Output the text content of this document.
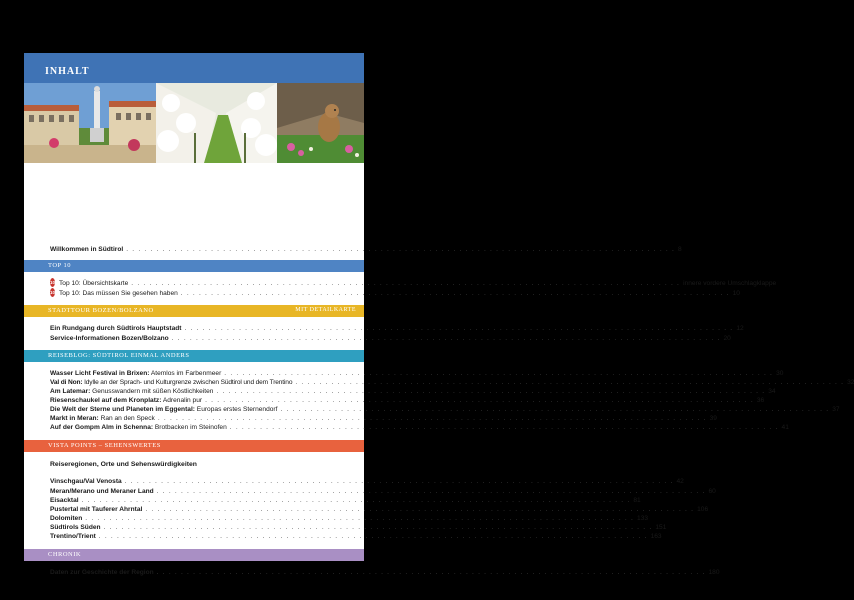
INHALT
Willkommen in Südtirol . . .	8
TOP 10
10 Top 10: Übersichtskarte . . .	innere vordere Umschlagklappe
10 Top 10: Das müssen Sie gesehen haben . . .	10
STADTTOUR BOZEN/BOLZANO	MIT DETAILKARTE
Ein Rundgang durch Südtirols Hauptstadt . . .	12
Service-Informationen Bozen/Bolzano . . .	20
REISEBLOG: SÜDTIROL EINMAL ANDERS
Wasser Licht Festival in Brixen: Atemlos im Farbenmeer . . .	30
Val di Non: Idylle an der Sprach- und Kulturgrenze zwischen Südtirol und dem Trentino . . .	32
Am Latemar: Genusswandern mit süßen Köstlichkeiten . . .	34
Riesenschaukel auf dem Kronplatz: Adrenalin pur . . .	36
Die Welt der Sterne und Planeten im Eggental: Europas erstes Sternendorf . . .	37
Markt in Meran: Ran an den Speck . . .	39
Auf der Gompm Alm in Schenna: Brotbacken im Steinofen . . .	41
VISTA POINTS – SEHENSWERTES
Reiseregionen, Orte und Sehenswürdigkeiten
Vinschgau/Val Venosta . . .	42
Meran/Merano und Meraner Land . . .	60
Eisacktal . . .	81
Pustertal mit Tauferer Ahrntal . . .	106
Dolomiten . . .	133
Südtirols Süden . . .	151
Trentino/Trient . . .	163
CHRONIK
Daten zur Geschichte der Region . . .	180
